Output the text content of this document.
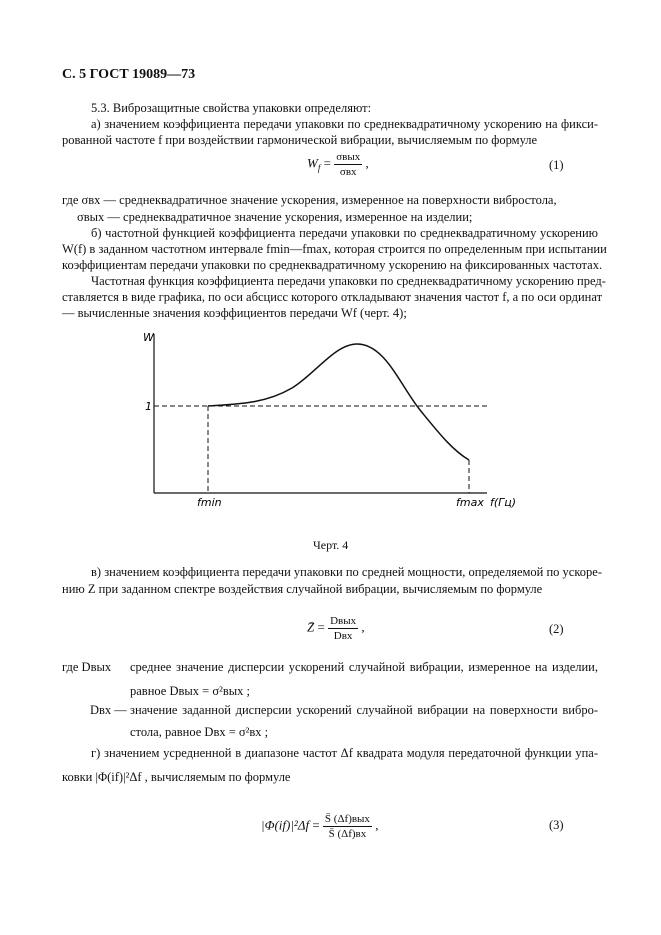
С. 5 ГОСТ 19089—73
5.3. Виброзащитные свойства упаковки определяют:
а) значением коэффициента передачи упаковки по среднеквадратичному ускорению на фикси-
рованной частоте f при воздействии гармонической вибрации, вычисляемым по формуле
$W_f = \frac{\text{σвых}}{\text{σвх}}$ ,	(1)
где σвх — среднеквадратичное значение ускорения, измеренное на поверхности вибростола,
σвых — среднеквадратичное значение ускорения, измеренное на изделии;
б) частотной функцией коэффициента передачи упаковки по среднеквадратичному ускорению
W(f) в заданном частотном интервале fmin—fmax, которая строится по определенным при испытании
коэффициентам передачи упаковки по среднеквадратичному ускорению на фиксированных частотах.
Частотная функция коэффициента передачи упаковки по среднеквадратичному ускорению пред-
ставляется в виде графика, по оси абсцисс которого откладывают значения частот f, а по оси ординат
— вычисленные значения коэффициентов передачи Wf (черт. 4);
W
1
fmin	fmax f(Гц)
Черт. 4
в) значением коэффициента передачи упаковки по средней мощности, определяемой по ускоре-
нию Z при заданном спектре воздействия случайной вибрации, вычисляемым по формуле
Z̄ = $\frac{\text{Dвых}}{\text{Dвх}}$ ,	(2)
где Dвых среднее значение дисперсии ускорений случайной вибрации, измеренное на изделии,
равное Dвых = σ²вых ;
Dвх — значение заданной дисперсии ускорений случайной вибрации на поверхности вибро-
стола, равное Dвх = σ²вх ;
г) значением усредненной в диапазоне частот Δf квадрата модуля передаточной функции упа-
ковки |Φ(if)|²Δf , вычисляемым по формуле
$|\Phi(if)|^2\Delta f = \frac{\text{S̄ (Δf)вых}}{S̄ (\Delta f)вх}$ ,	(3)
